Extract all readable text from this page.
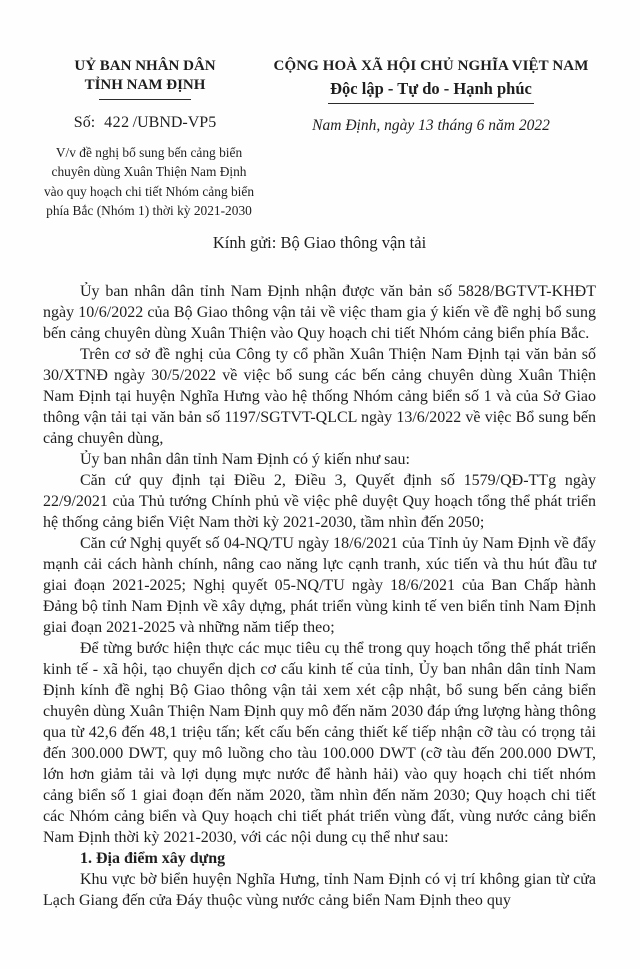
UỶ BAN NHÂN DÂN
TỈNH NAM ĐỊNH
Số: 422 /UBND-VP5
V/v đề nghị bổ sung bến cảng biển chuyên dùng Xuân Thiện Nam Định vào quy hoạch chi tiết Nhóm cảng biển phía Bắc (Nhóm 1) thời kỳ 2021-2030
CỘNG HOÀ XÃ HỘI CHỦ NGHĨA VIỆT NAM
Độc lập - Tự do - Hạnh phúc
Nam Định, ngày 13 tháng 6 năm 2022
Kính gửi: Bộ Giao thông vận tải

Ủy ban nhân dân tỉnh Nam Định nhận được văn bản số 5828/BGTVT-KHĐT ngày 10/6/2022 của Bộ Giao thông vận tải về việc tham gia ý kiến về đề nghị bổ sung bến cảng chuyên dùng Xuân Thiện vào Quy hoạch chi tiết Nhóm cảng biển phía Bắc.

Trên cơ sở đề nghị của Công ty cổ phần Xuân Thiện Nam Định tại văn bản số 30/XTNĐ ngày 30/5/2022 về việc bổ sung các bến cảng chuyên dùng Xuân Thiện Nam Định tại huyện Nghĩa Hưng vào hệ thống Nhóm cảng biển số 1 và của Sở Giao thông vận tải tại văn bản số 1197/SGTVT-QLCL ngày 13/6/2022 về việc Bổ sung bến cảng chuyên dùng,

Ủy ban nhân dân tỉnh Nam Định có ý kiến như sau:

Căn cứ quy định tại Điều 2, Điều 3, Quyết định số 1579/QĐ-TTg ngày 22/9/2021 của Thủ tướng Chính phủ về việc phê duyệt Quy hoạch tổng thể phát triển hệ thống cảng biển Việt Nam thời kỳ 2021-2030, tầm nhìn đến 2050;

Căn cứ Nghị quyết số 04-NQ/TU ngày 18/6/2021 của Tỉnh ủy Nam Định về đẩy mạnh cải cách hành chính, nâng cao năng lực cạnh tranh, xúc tiến và thu hút đầu tư giai đoạn 2021-2025; Nghị quyết 05-NQ/TU ngày 18/6/2021 của Ban Chấp hành Đảng bộ tỉnh Nam Định về xây dựng, phát triển vùng kinh tế ven biển tỉnh Nam Định giai đoạn 2021-2025 và những năm tiếp theo;

Để từng bước hiện thực các mục tiêu cụ thể trong quy hoạch tổng thể phát triển kinh tế - xã hội, tạo chuyển dịch cơ cấu kinh tế của tỉnh, Ủy ban nhân dân tỉnh Nam Định kính đề nghị Bộ Giao thông vận tải xem xét cập nhật, bổ sung bến cảng biển chuyên dùng Xuân Thiện Nam Định quy mô đến năm 2030 đáp ứng lượng hàng thông qua từ 42,6 đến 48,1 triệu tấn; kết cấu bến cảng thiết kế tiếp nhận cỡ tàu có trọng tải đến 300.000 DWT, quy mô luồng cho tàu 100.000 DWT (cỡ tàu đến 200.000 DWT, lớn hơn giảm tải và lợi dụng mực nước để hành hải) vào quy hoạch chi tiết nhóm cảng biển số 1 giai đoạn đến năm 2020, tầm nhìn đến năm 2030; Quy hoạch chi tiết các Nhóm cảng biển và Quy hoạch chi tiết phát triển vùng đất, vùng nước cảng biển Nam Định thời kỳ 2021-2030, với các nội dung cụ thể như sau:

1. Địa điểm xây dựng

Khu vực bờ biển huyện Nghĩa Hưng, tỉnh Nam Định có vị trí không gian từ cửa Lạch Giang đến cửa Đáy thuộc vùng nước cảng biển Nam Định theo quy
